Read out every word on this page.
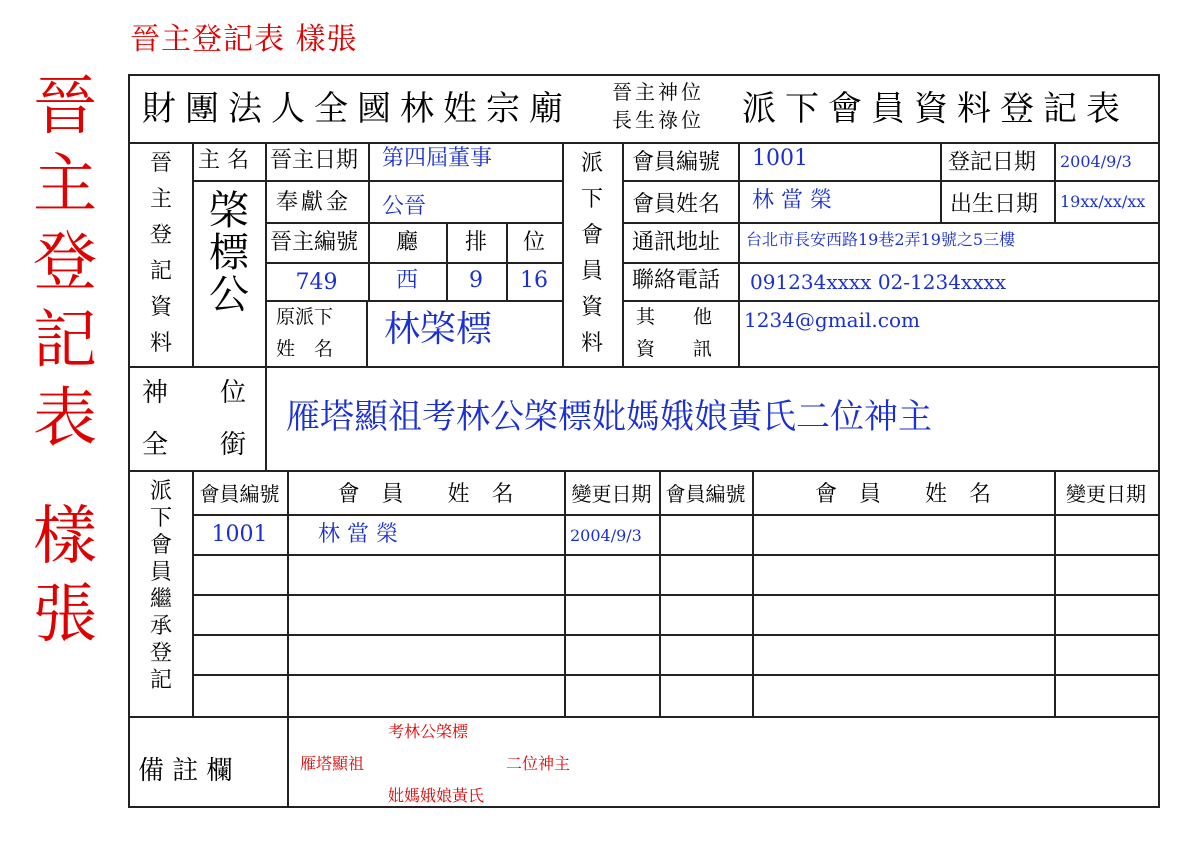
晉主登記表 樣張
晉
主
登
記
表
樣
張
財團法人全國林姓宗廟 晉主神位
長生祿位 派下會員資料登記表
晉
主
登
記
資
料
主 名
棨
標
公
晉主日期 第四屆董事
奉獻金 公晉
晉主編號	廳	排	位
749	西	9	16
原派下
姓　名 林棨標
派
下
會
員
資
料
會員編號 1001	登記日期 2004/9/3
會員姓名 林 當 榮	出生日期 19xx/xx/xx
通訊地址 台北市長安西路19巷2弄19號之5三樓
聯絡電話 091234xxxx 02-1234xxxx
其　　他
資　　訊
1234@gmail.com
神　　位
全　　銜
雁塔顯祖考林公棨標妣媽娥娘黃氏二位神主
派
下
會
員
繼
承
登
記
會員編號	會　員　　姓　名	變更日期 會員編號	會　員　　姓　名	變更日期
1001	林 當 榮	2004/9/3
備 註 欄
考林公棨標
雁塔顯祖	二位神主
妣媽娥娘黃氏
